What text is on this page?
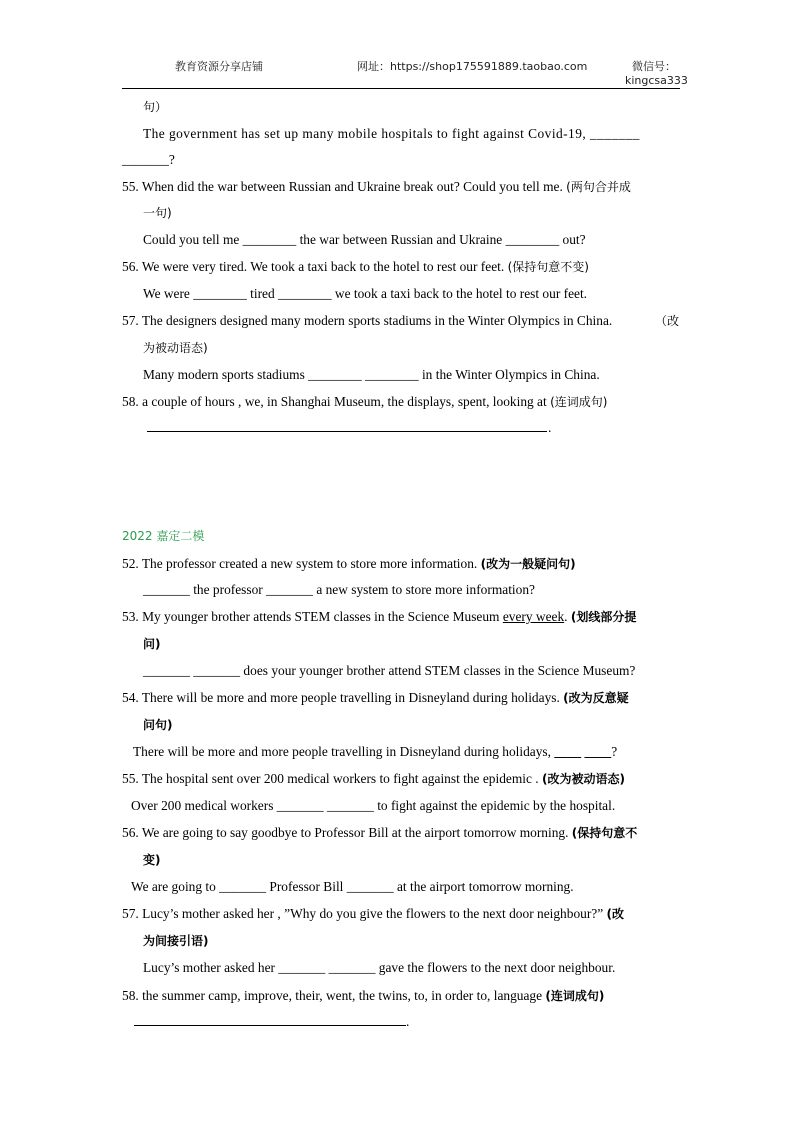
教育资源分享店铺	网址：https://shop175591889.taobao.com	微信号：
kingcsa333
句）
The government has set up many mobile hospitals to fight against Covid-19, _______
_______?
55. When did the war between Russian and Ukraine break out? Could you tell me. (两句合并成
一句)
Could you tell me ________ the war between Russian and Ukraine ________ out?
56. We were very tired. We took a taxi back to the hotel to rest our feet. (保持句意不变)
We were ________ tired ________ we took a taxi back to the hotel to rest our feet.
57. The designers designed many modern sports stadiums in the Winter Olympics in China.	（改
为被动语态)
Many modern sports stadiums ________ ________ in the Winter Olympics in China.
58. a couple of hours , we, in Shanghai Museum, the displays, spent, looking at (连词成句)
.
2022 嘉定二模
52. The professor created a new system to store more information. (改为一般疑问句)
_______ the professor _______ a new system to store more information?
53. My younger brother attends STEM classes in the Science Museum every week. (划线部分提
问)
_______ _______ does your younger brother attend STEM classes in the Science Museum?
54. There will be more and more people travelling in Disneyland during holidays. (改为反意疑
问句)
There will be more and more people travelling in Disneyland during holidays, ____ ____?
55. The hospital sent over 200 medical workers to fight against the epidemic . (改为被动语态)
Over 200 medical workers _______ _______ to fight against the epidemic by the hospital.
56. We are going to say goodbye to Professor Bill at the airport tomorrow morning. (保持句意不
变)
We are going to _______ Professor Bill _______ at the airport tomorrow morning.
57. Lucy’s mother asked her , ”Why do you give the flowers to the next door neighbour?” (改
为间接引语)
Lucy’s mother asked her _______ _______ gave the flowers to the next door neighbour.
58. the summer camp, improve, their, went, the twins, to, in order to, language (连词成句)
.
